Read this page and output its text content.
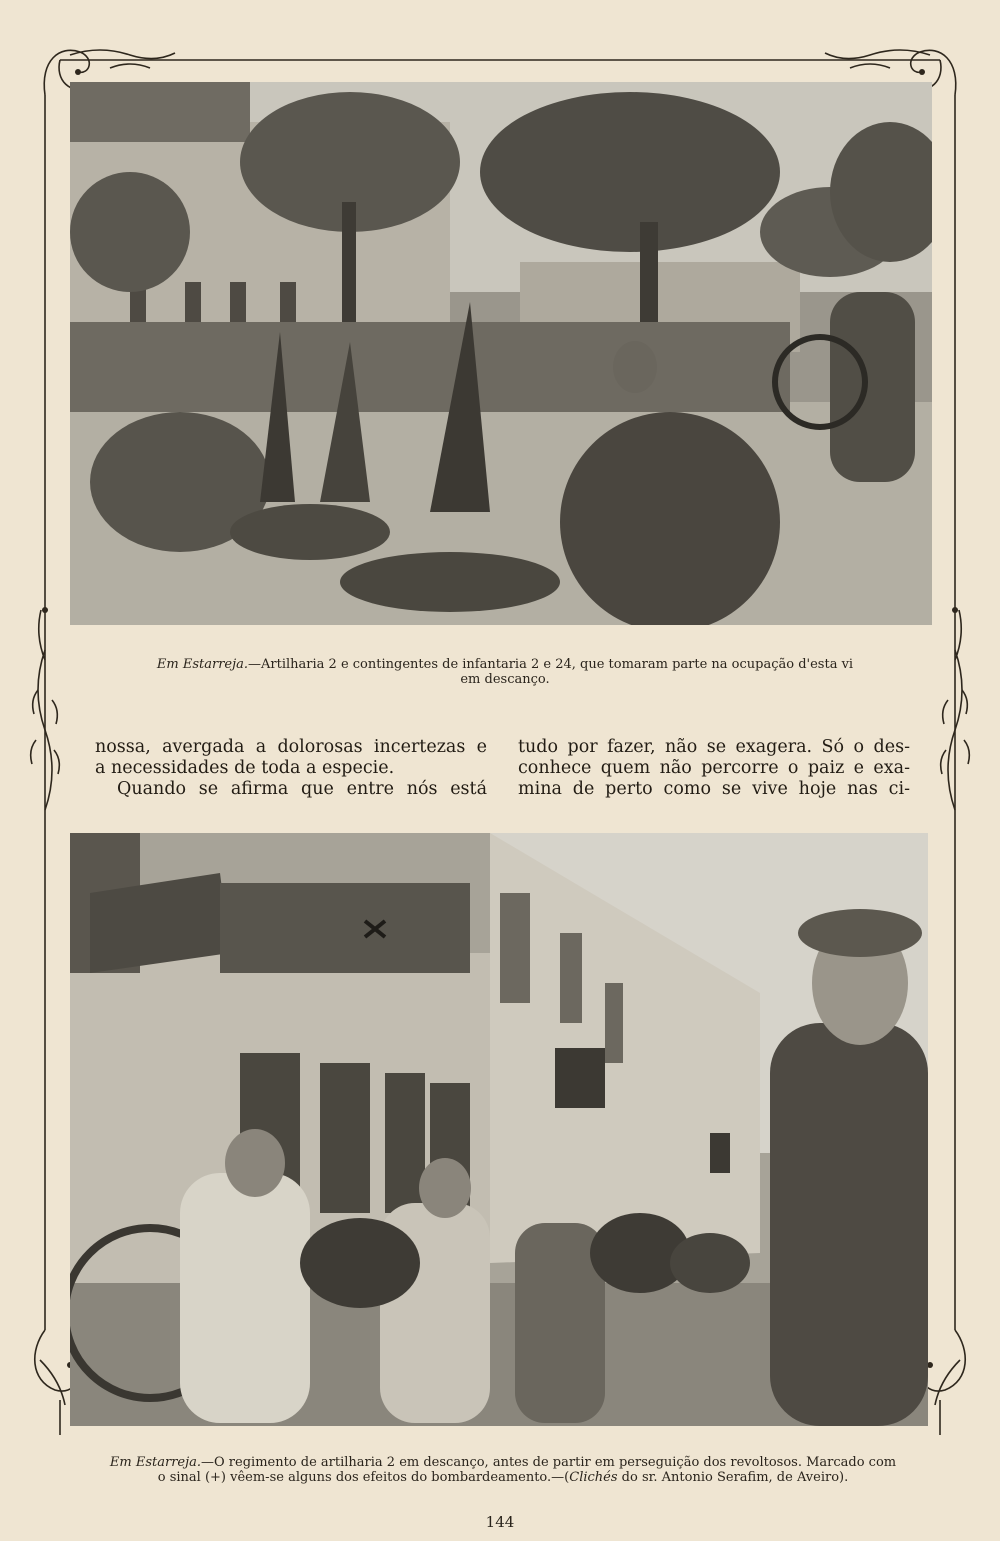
Em Estarreja.—Artilharia 2 e contingentes de infantaria 2 e 24, que tomaram parte na ocupação d'esta vi
em descanço.
nossa, avergada a dolorosas incertezas e
a necessidades de toda a especie.
Quando se afirma que entre nós está
tudo por fazer, não se exagera. Só o des-
conhece quem não percorre o paiz e exa-
mina de perto como se vive hoje nas ci-
Em Estarreja.—O regimento de artilharia 2 em descanço, antes de partir em perseguição dos revoltosos. Marcado com
o sinal (+) vêem-se alguns dos efeitos do bombardeamento.—(Clichés do sr. Antonio Serafim, de Aveiro).
144
